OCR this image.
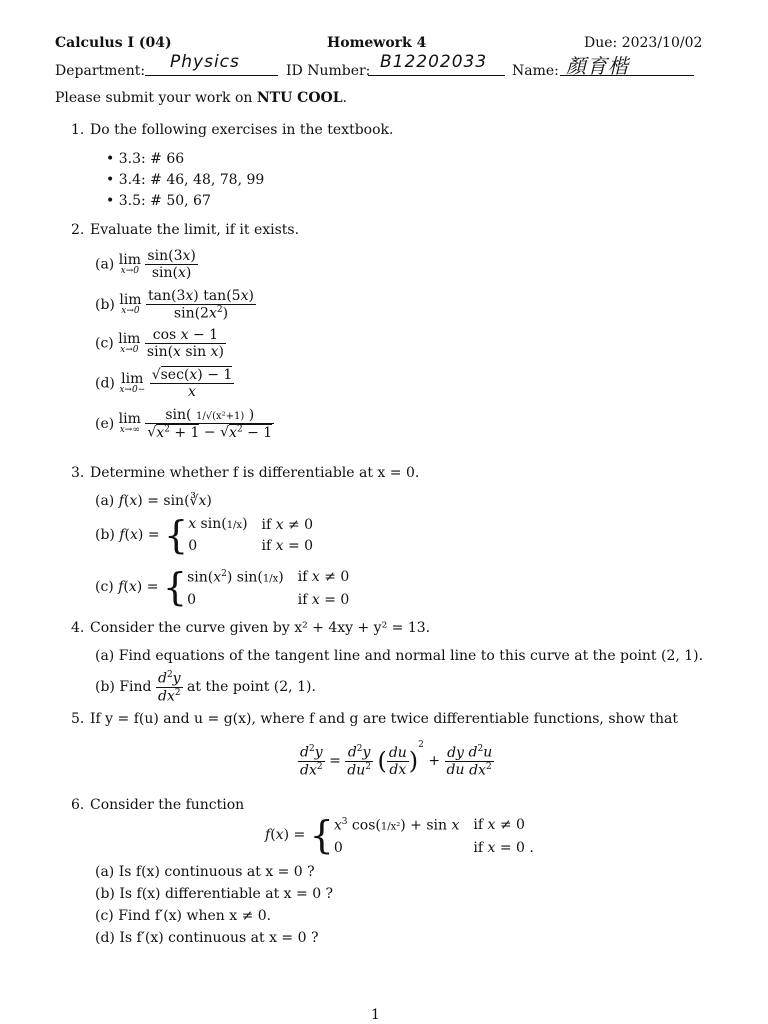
Calculus I (04)	Homework 4	Due: 2023/10/02
Department: Physics	ID Number: B12202033 Name: 顏育楷
Please submit your work on NTU COOL.
1. Do the following exercises in the textbook.
• 3.3: # 66
• 3.4: # 46, 48, 78, 99
• 3.5: # 50, 67
2. Evaluate the limit, if it exists.
(a) lim
x→0
$\frac{\sin(3x)}{\sin(x)}$
(b) lim
x→0
$\frac{\tan(3x) \tan(5x)}{\sin(2x^2)}$
(c) lim
x→0
$\frac{\text{cos x − 1}}{\text{sin(x sin x)}}$
(d) lim
x→0−
$\frac{√\sec(x) - 1}{x}$
(e) lim
x→∞
$\frac{\text{sin( 1/√(x²+1) )}}{√x^2 + 1 - √x^2 - 1}$
3. Determine whether f is differentiable at x = 0.
(a) f(x) = sin(∛x)
(b) f(x) = { x sin(1/x)	if x ≠ 0
0	if x = 0
(c) f(x) = { $\sin(x^2)$ sin(1/x)	if x ≠ 0
0	if x = 0
4. Consider the curve given by x² + 4xy + y² = 13.
(a) Find equations of the tangent line and normal line to this curve at the point (2, 1).
(b) Find $\frac{d^2y}{dx^2}$ at the point (2, 1).
5. If y = f(u) and u = g(x), where f and g are twice differentiable functions, show that
$\frac{d^2y}{dx^2} = \frac{d^2y}{du^2}$ ( $\frac{du}{dx} )^2 + \frac{dy}{du} \frac{d^2u}{dx^2}$
6. Consider the function
f(x) = { $x^3$ cos(1/x²) + sin x	if x ≠ 0
0	if x = 0 .
(a) Is f(x) continuous at x = 0 ?
(b) Is f(x) differentiable at x = 0 ?
(c) Find f′(x) when x ≠ 0.
(d) Is f′(x) continuous at x = 0 ?
1
